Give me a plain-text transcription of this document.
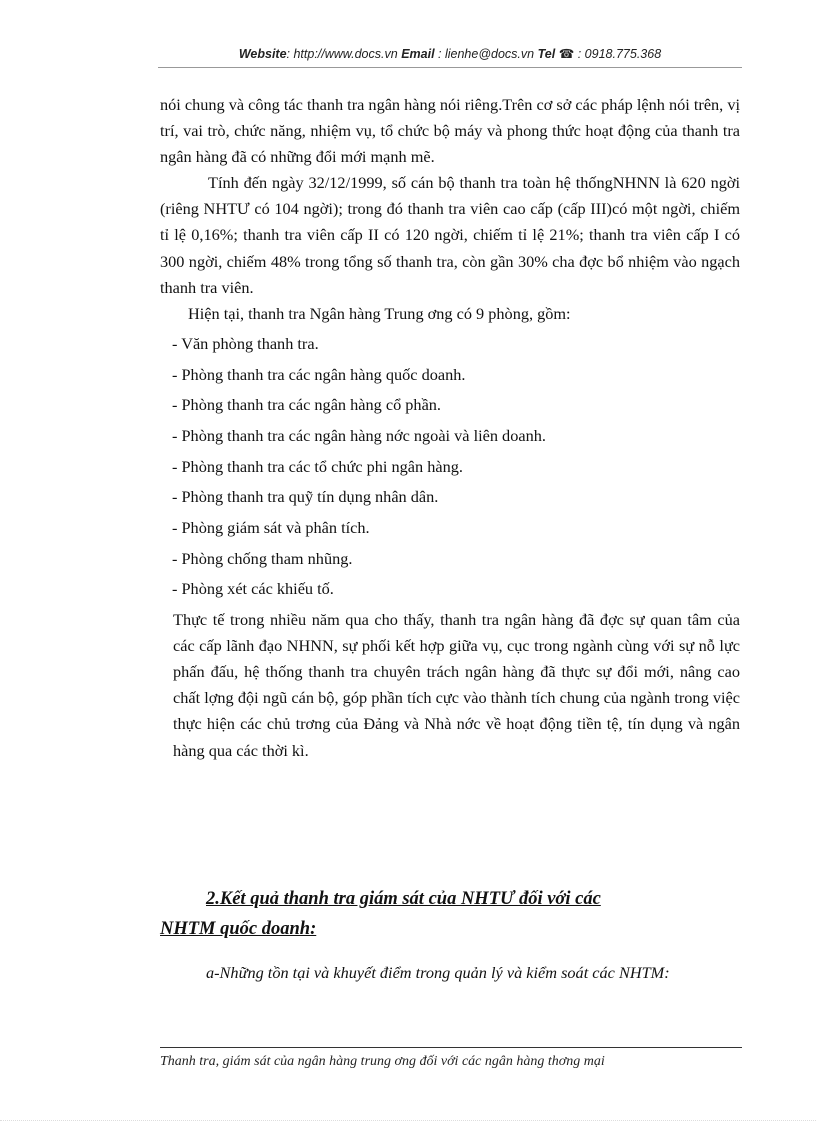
Website: http://www.docs.vn Email : lienhe@docs.vn Tel ☎ : 0918.775.368

nói chung và công tác thanh tra ngân hàng nói riêng.Trên cơ sở các pháp lệnh nói trên, vị trí, vai trò, chức năng, nhiệm vụ, tổ chức bộ máy và phong thức hoạt động của thanh tra ngân hàng đã có những đổi mới mạnh mẽ.

Tính đến ngày 32/12/1999, số cán bộ thanh tra toàn hệ thốngNHNN là 620 ngời (riêng NHTƯ có 104 ngời); trong đó thanh tra viên cao cấp (cấp III)có một ngời, chiếm tỉ lệ 0,16%; thanh tra viên cấp II có 120 ngời, chiếm tỉ lệ 21%; thanh tra viên cấp I có 300 ngời, chiếm 48% trong tổng số thanh tra, còn gần 30% cha đợc bổ nhiệm vào ngạch thanh tra viên.

Hiện tại, thanh tra Ngân hàng Trung ơng có 9 phòng, gồm:

- Văn phòng thanh tra.

- Phòng thanh tra các ngân hàng quốc doanh.

- Phòng thanh tra các ngân hàng cổ phần.

- Phòng thanh tra các ngân hàng nớc ngoài và liên doanh.

- Phòng thanh tra các tổ chức phi ngân hàng.

- Phòng thanh tra quỹ tín dụng nhân dân.

- Phòng giám sát và phân tích.

- Phòng chống tham nhũng.

- Phòng xét các khiếu tố.

Thực tế trong nhiều năm qua cho thấy, thanh tra ngân hàng đã đợc sự quan tâm của các cấp lãnh đạo NHNN, sự phối kết hợp giữa vụ, cục trong ngành cùng với sự nỗ lực phấn đấu, hệ thống thanh tra chuyên trách ngân hàng đã thực sự đổi mới, nâng cao chất lợng đội ngũ cán bộ, góp phần tích cực vào thành tích chung của ngành trong việc thực hiện các chủ trơng của Đảng và Nhà nớc về hoạt động tiền tệ, tín dụng và ngân hàng qua các thời kì.

2.Kết quả thanh tra giám sát của NHTƯ đối với các
NHTM quốc doanh:
a-Những tồn tại và khuyết điểm trong quản lý và kiểm soát các NHTM:
Thanh tra, giám sát của ngân hàng trung ơng đối với các ngân hàng thơng mại
